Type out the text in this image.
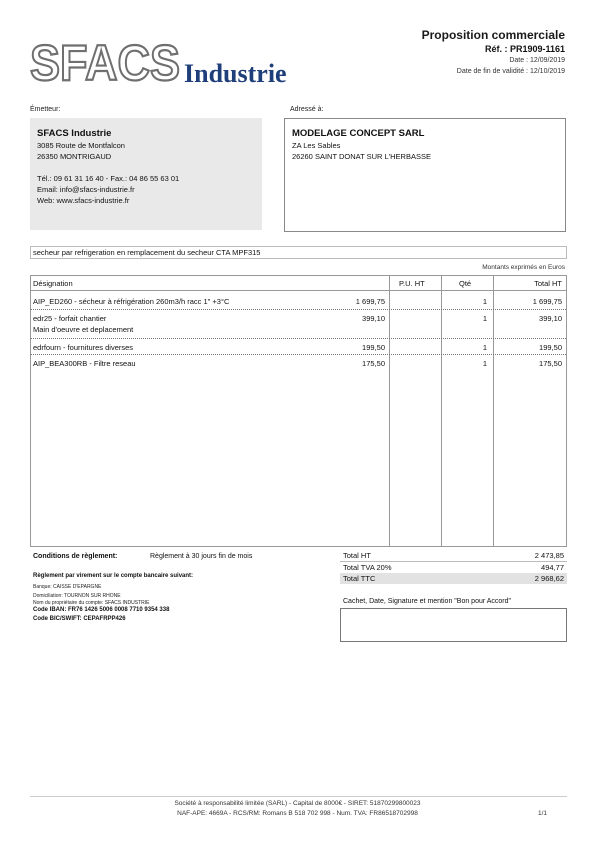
SFACS Industrie
Proposition commerciale
Réf. : PR1909-1161
Date : 12/09/2019
Date de fin de validité : 12/10/2019
Émetteur:
SFACS Industrie
3085 Route de Montfalcon
26350 MONTRIGAUD
Tél.: 09 61 31 16 40 - Fax.: 04 86 55 63 01
Email: info@sfacs-industrie.fr
Web: www.sfacs-industrie.fr
Adressé à:
MODELAGE CONCEPT SARL
ZA Les Sables
26260 SAINT DONAT SUR L'HERBASSE
secheur par refrigeration en remplacement du secheur CTA MPF315
Montants exprimés en Euros
Désignation	P.U. HT	Qté	Total HT
AIP_ED260 - sécheur à réfrigération 260m3/h racc 1" +3°C	1 699,75	1	1 699,75
edr25 - forfait chantier
Main d'oeuvre et deplacement
399,10	1	399,10
edrfourn - fournitures diverses	199,50	1	199,50
AIP_BEA300RB - Filtre reseau	175,50	1	175,50
Conditions de règlement:	Règlement à 30 jours fin de mois
Règlement par virement sur le compte bancaire suivant:
Banque: CAISSE D'EPARGNE
Domiciliation: TOURNON SUR RHONE
Nom du propriétaire du compte: SFACS INDUSTRIE
Code IBAN: FR76 1426 5006 0008 7710 9354 338
Code BIC/SWIFT: CEPAFRPP426
Total HT	2 473,85
Total TVA 20%	494,77
Total TTC	2 968,62
Cachet, Date, Signature et mention "Bon pour Accord"
Société à responsabilité limitée (SARL) - Capital de 8000€ - SIRET: 51870299800023
NAF-APE: 4669A - RCS/RM: Romans B 518 702 998 - Num. TVA: FR86518702998	1/1
